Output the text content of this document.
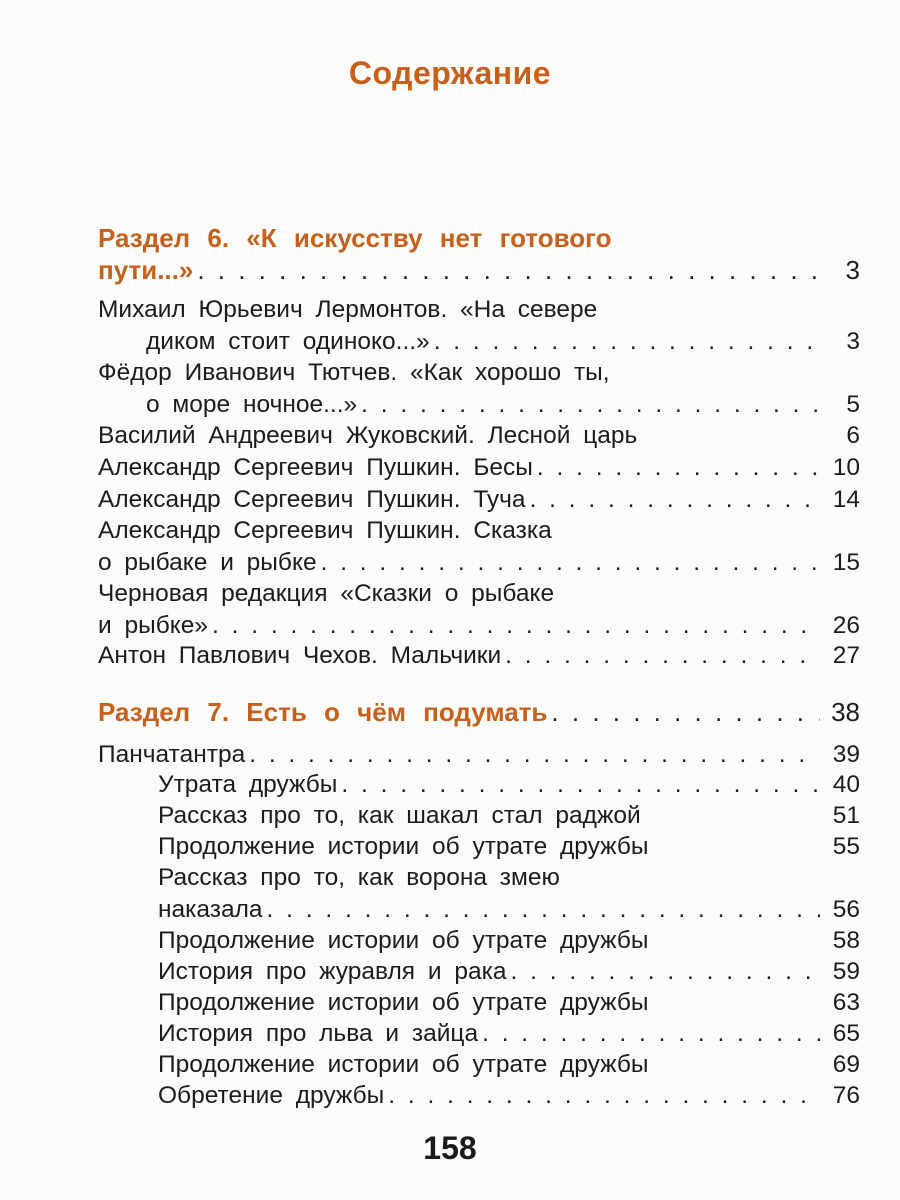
Содержание
Раздел 6. «К искусству нет готового
пути...» . . .	3
Михаил Юрьевич Лермонтов. «На севере
диком стоит одиноко...» . . .	3
Фёдор Иванович Тютчев. «Как хорошо ты,
о море ночное...» . . .	5
Василий Андреевич Жуковский. Лесной царь	6
Александр Сергеевич Пушкин. Бесы . . .	10
Александр Сергеевич Пушкин. Туча . . .	14
Александр Сергеевич Пушкин. Сказка
о рыбаке и рыбке . . .	15
Черновая редакция «Сказки о рыбаке
и рыбке» . . .	26
Антон Павлович Чехов. Мальчики . . .	27
Раздел 7. Есть о чём подумать . . .	38
Панчатантра . . .	39
Утрата дружбы . . .	40
Рассказ про то, как шакал стал раджой	51
Продолжение истории об утрате дружбы	55
Рассказ про то, как ворона змею
наказала . . .	56
Продолжение истории об утрате дружбы	58
История про журавля и рака . . .	59
Продолжение истории об утрате дружбы	63
История про льва и зайца . . .	65
Продолжение истории об утрате дружбы	69
Обретение дружбы . . .	76
158
